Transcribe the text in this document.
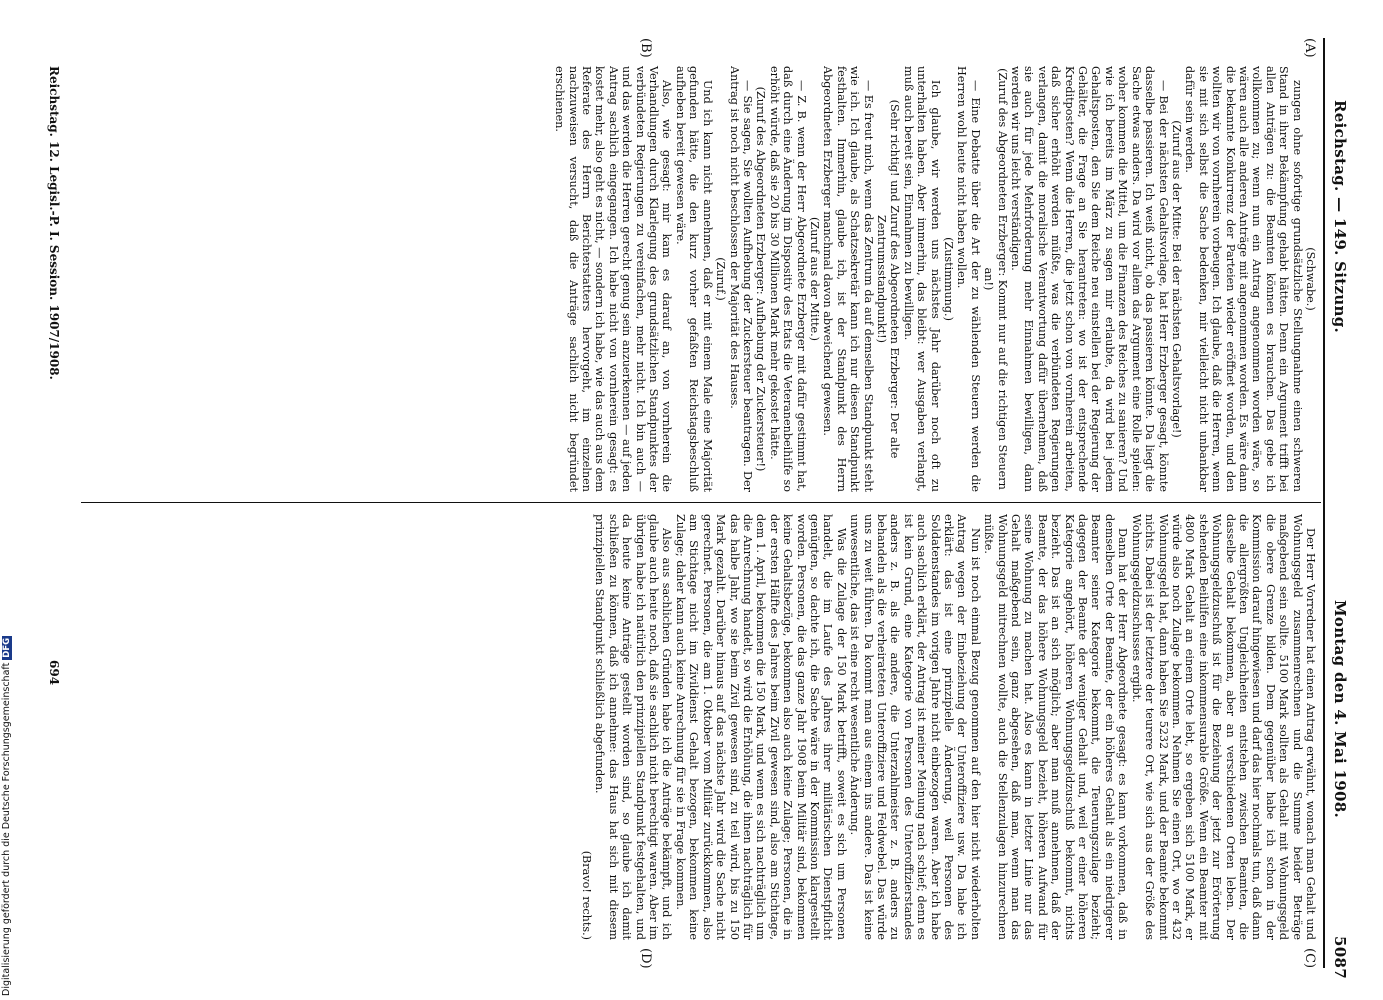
Reichstag. — 149. Sitzung.
Montag den 4. Mai 1908.
5087
(A)
(B)
(C)
(D)

(Schwabe.)

zungen ohne sofortige grundsätzliche Stellungnahme einen schweren Stand in ihrer Bekämpfung gehabt hätten. Denn ein Argument trifft bei allen Anträgen zu: die Beamten können es brauchen. Das gebe ich vollkommen zu; wenn nun ein Antrag angenommen worden wäre, so wären auch alle anderen Anträge mit angenommen worden. Es wäre dann die bekannte Konkurrenz der Parteien wieder eröffnet worden, und den wollten wir von vornherein vorbeugen. Ich glaube, daß die Herren, wenn sie mit sich selbst die Sache bedenken, mir vielleicht nicht unbankbar dafür sein werden.

(Zuruf aus der Mitte: Bei der nächsten Gehaltsvorlage!)

— Bei der nächsten Gehaltsvorlage, hat Herr Erzberger gesagt, könnte dasselbe passieren. Ich weiß nicht, ob das passieren könnte. Da liegt die Sache etwas anders. Da wird vor allem das Argument eine Rolle spielen: woher kommen die Mittel, um die Finanzen des Reiches zu sanieren? Und wie ich bereits im März zu sagen mir erlaubte, da wird bei jedem Gehaltsposten, den Sie dem Reiche neu einstellen bei der Regierung der Gehälter, die Frage an Sie herantreten: wo ist der entsprechende Kreditposten? Wenn die Herren, die jetzt schon von vornherein arbeiten, daß sicher erhöht werden müßte, was die verbündeten Regierungen verlangen, damit die moralische Verantwortung dafür übernehmen, daß sie auch für jede Mehrforderung mehr Einnahmen bewilligen, dann werden wir uns leicht verständigen.

(Zuruf des Abgeordneten Erzberger: Kommt nur auf die richtigen Steuern an!)

— Eine Debatte über die Art der zu wählenden Steuern werden die Herren wohl heute nicht haben wollen.

(Zustimmung.)

Ich glaube, wir werden uns nächstes Jahr darüber noch oft zu unterhalten haben. Aber immerhin, das bleibt: wer Ausgaben verlangt, muß auch bereit sein, Einnahmen zu bewilligen.

(Sehr richtig! und Zuruf des Abgeordneten Erzberger: Der alte Zentrumsstandpunkt!)

— Es freut mich, wenn das Zentrum da auf demselben Standpunkt steht wie ich. Ich glaube, als Schatzsekretär kann ich nur diesen Standpunkt festhalten. Immerhin, glaube ich, ist der Standpunkt des Herrn Abgeordneten Erzberger manchmal davon abweichend gewesen.

(Zuruf aus der Mitte.)

— Z. B. wenn der Herr Abgeordnete Erzberger mit dafür gestimmt hat, daß durch eine Änderung im Dispositiv des Etats die Veteranenbeihilfe so erhöht würde, daß sie 20 bis 30 Millionen Mark mehr gekostet hätte.

(Zuruf des Abgeordneten Erzberger: Aufhebung der Zuckersteuer!)

— Sie sagen, Sie wollten Aufhebung der Zuckersteuer beantragen. Der Antrag ist noch nicht beschlossen der Majorität des Hauses.

(Zuruf.)

Und ich kann nicht annehmen, daß er mit einem Male eine Majorität gefunden hätte, die den kurz vorher gefaßten Reichstagsbeschluß aufheben bereit gewesen wäre.

Also, wie gesagt: mir kam es darauf an, von vornherein die Verhandlungen durch Klarlegung des grundsätzlichen Standpunktes der verbündeten Regierungen zu vereinfachen, mehr nicht. Ich bin auch — und das werden die Herren gerecht genug sein anzuerkennen — auf jeden Antrag sachlich eingegangen. Ich habe nicht von vornherein gesagt: es kostet mehr, also geht es nicht, — sondern ich habe, wie das auch aus dem Referate des Herrn Berichterstatters hervorgeht, im einzelnen nachzuweisen versucht, daß die Anträge sachlich nicht begründet erschienen.

Der Herr Vorredner hat einen Antrag erwähnt, wonach man Gehalt und Wohnungsgeld zusammenrechnen und die Summe beider Beträge maßgebend sein sollte. 5100 Mark sollten als Gehalt mit Wohnungsgeld die obere Grenze bilden. Dem gegenüber habe ich schon in der Kommission darauf hingewiesen und darf das hier nochmals tun, daß dann die allergrößten Ungleichheiten entstehen zwischen Beamten, die dasselbe Gehalt bekommen, aber an verschiedenen Orten leben. Der Wohnungsgeldzuschuß ist für die Beziehung der jetzt zur Erörterung stehenden Beihilfen eine inkommensurable Größe. Wenn ein Beamter mit 4800 Mark Gehalt an einem Orte lebt, so ergeben sich 5100 Mark, er würde also noch Zulage bekommen. Nehmen Sie einen Ort, wo er 432 Wohnungsgeld hat, dann haben Sie 5232 Mark, und der Beamte bekommt nichts. Dabei ist der letztere der teurere Ort, wie sich aus der Größe des Wohnungsgeldzuschusses ergibt.

Dann hat der Herr Abgeordnete gesagt: es kann vorkommen, daß in demselben Orte der Beamte, der ein höheres Gehalt als ein niedrigerer Beamter seiner Kategorie bekommt, die Teuerungszulage bezieht; dagegen der Beamte der weniger Gehalt und, weil er einer höheren Kategorie angehört, höheren Wohnungsgeldzuschuß bekommt, nichts bezieht. Das ist an sich möglich; aber man muß annehmen, daß der Beamte, der das höhere Wohnungsgeld bezieht, höheren Aufwand für seine Wohnung zu machen hat. Also es kann in letzter Linie nur das Gehalt maßgebend sein, ganz abgesehen, daß man, wenn man das Wohnungsgeld mitrechnen wollte, auch die Stellenzulagen hinzurechnen müßte.

Nun ist noch einmal Bezug genommen auf den hier nicht wiederholten Antrag wegen der Einbeziehung der Unteroffiziere usw. Da habe ich erklärt: das ist eine prinzipielle Änderung, weil Personen des Soldatenstandes im vorigen Jahre nicht einbezogen waren. Aber ich habe auch sachlich erklärt, der Antrag ist meiner Meinung nach schief; denn es ist kein Grund, eine Kategorie von Personen des Unteroffizierstandes anders z. B. als die andere, die Unterzahlmeister z. B. anders zu behandeln als die verheirateten Unteroffiziere und Feldwebel. Das würde uns zu weit führen. Da kommt man aus einem ins andere. Das ist keine unwesentliche, das ist eine recht wesentliche Änderung.

Was die Zulage der 150 Mark betrifft, soweit es sich um Personen handelt, die im Laufe des Jahres ihrer militärischen Dienstpflicht genügten, so dachte ich, die Sache wäre in der Kommission klargestellt worden. Personen, die das ganze Jahr 1908 beim Militär sind, bekommen keine Gehaltsbezüge, bekommen also auch keine Zulage; Personen, die in der ersten Hälfte des Jahres beim Zivil gewesen sind, also am Stichtage, dem 1. April, bekommen die 150 Mark, und wenn es sich nachträglich um die Anrechnung handelt, so wird die Erhöhung, die ihnen nachträglich für das halbe Jahr, wo sie beim Zivil gewesen sind, zu teil wird, bis zu 150 Mark gezahlt. Darüber hinaus auf das nächste Jahr wird die Sache nicht gerechnet. Personen, die am 1. Oktober vom Militär zurückkommen, also am Stichtage nicht im Zivildienst Gehalt bezogen, bekommen keine Zulage; daher kann auch keine Anrechnung für sie in Frage kommen.

Also aus sachlichen Gründen habe ich die Anträge bekämpft, und ich glaube auch heute noch, daß sie sachlich nicht berechtigt waren. Aber im übrigen habe ich natürlich den prinzipiellen Standpunkt festgehalten, und da heute keine Anträge gestellt worden sind, so glaube ich damit schließen zu können, daß ich annehme: das Haus hat sich mit diesem prinzipiellen Standpunkt schließlich abgefunden.

(Bravo! rechts.)

Reichstag. 12. Legisl.-P. I. Session. 1907/1908.
694
Digitalisierung gefördert durch die Deutsche ForschungsgemeinschaftDFG
